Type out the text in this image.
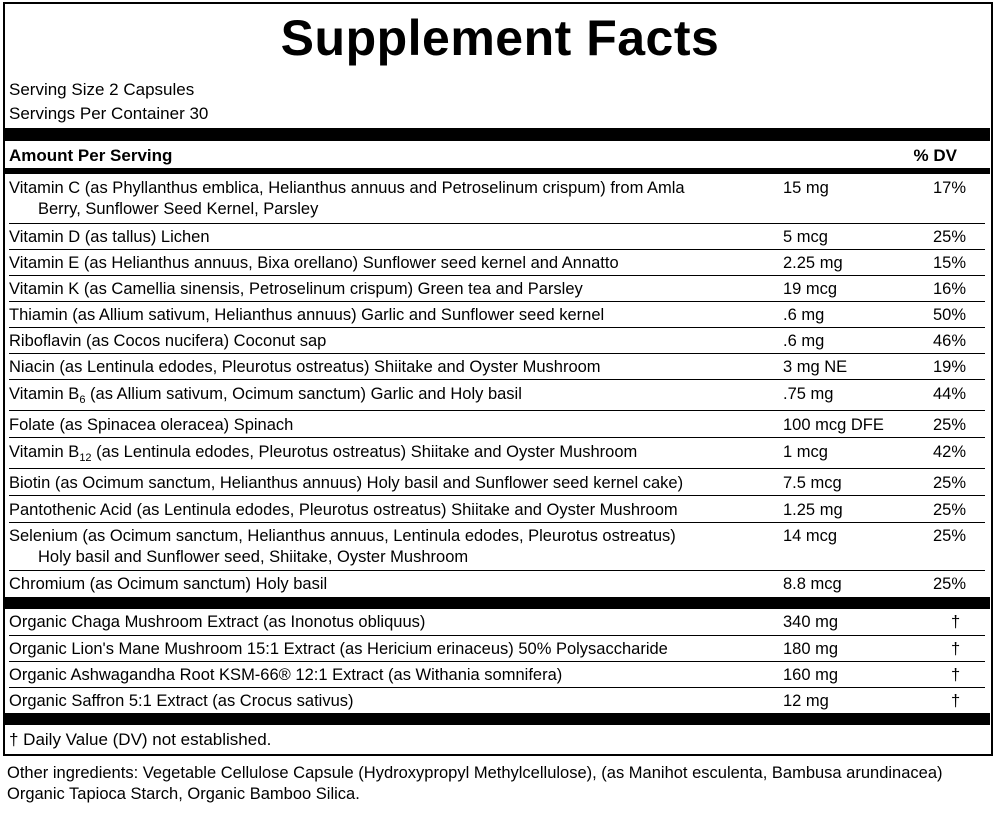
Supplement Facts
Serving Size 2 Capsules
Servings Per Container 30
Amount Per Serving	% DV
Vitamin C (as Phyllanthus emblica, Helianthus annuus and Petroselinum crispum) from Amla
Berry, Sunflower Seed Kernel, Parsley
15 mg	17%
Vitamin D (as tallus) Lichen	5 mcg	25%
Vitamin E (as Helianthus annuus, Bixa orellano) Sunflower seed kernel and Annatto	2.25 mg	15%
Vitamin K (as Camellia sinensis, Petroselinum crispum) Green tea and Parsley	19 mcg	16%
Thiamin (as Allium sativum, Helianthus annuus) Garlic and Sunflower seed kernel	.6 mg	50%
Riboflavin (as Cocos nucifera) Coconut sap	.6 mg	46%
Niacin (as Lentinula edodes, Pleurotus ostreatus) Shiitake and Oyster Mushroom	3 mg NE	19%
Vitamin $B_6$ (as Allium sativum, Ocimum sanctum) Garlic and Holy basil	.75 mg	44%
Folate (as Spinacea oleracea) Spinach	100 mcg DFE	25%
Vitamin $B_{12}$ (as Lentinula edodes, Pleurotus ostreatus) Shiitake and Oyster Mushroom	1 mcg	42%
Biotin (as Ocimum sanctum, Helianthus annuus) Holy basil and Sunflower seed kernel cake)	7.5 mcg	25%
Pantothenic Acid (as Lentinula edodes, Pleurotus ostreatus) Shiitake and Oyster Mushroom	1.25 mg	25%
Selenium (as Ocimum sanctum, Helianthus annuus, Lentinula edodes, Pleurotus ostreatus)
Holy basil and Sunflower seed, Shiitake, Oyster Mushroom
14 mcg	25%
Chromium (as Ocimum sanctum) Holy basil	8.8 mcg	25%
Organic Chaga Mushroom Extract (as Inonotus obliquus)	340 mg	†
Organic Lion's Mane Mushroom 15:1 Extract (as Hericium erinaceus) 50% Polysaccharide	180 mg	†
Organic Ashwagandha Root KSM-66® 12:1 Extract (as Withania somnifera)	160 mg	†
Organic Saffron 5:1 Extract (as Crocus sativus)	12 mg	†
† Daily Value (DV) not established.
Other ingredients: Vegetable Cellulose Capsule (Hydroxypropyl Methylcellulose), (as Manihot esculenta, Bambusa arundinacea) Organic Tapioca Starch, Organic Bamboo Silica.
